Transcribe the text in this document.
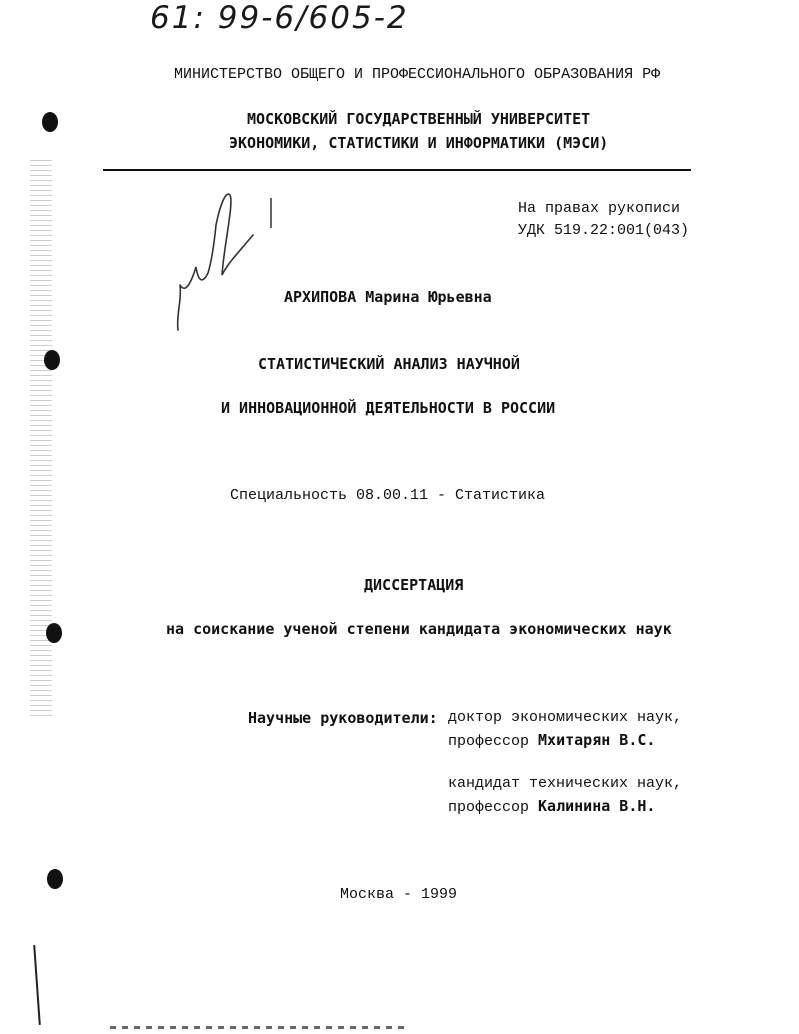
61: 99-6/605-2
МИНИСТЕРСТВО ОБЩЕГО И ПРОФЕССИОНАЛЬНОГО ОБРАЗОВАНИЯ РФ
МОСКОВСКИЙ ГОСУДАРСТВЕННЫЙ УНИВЕРСИТЕТ
ЭКОНОМИКИ, СТАТИСТИКИ И ИНФОРМАТИКИ (МЭСИ)
На правах рукописи
УДК 519.22:001(043)
АРХИПОВА Марина Юрьевна
СТАТИСТИЧЕСКИЙ АНАЛИЗ НАУЧНОЙ
И ИННОВАЦИОННОЙ ДЕЯТЕЛЬНОСТИ В РОССИИ
Специальность 08.00.11 - Статистика
ДИССЕРТАЦИЯ
на соискание ученой степени кандидата экономических наук
Научные руководители: доктор экономических наук,
профессор Мхитарян В.С.
кандидат технических наук,
профессор Калинина В.Н.
Москва - 1999
